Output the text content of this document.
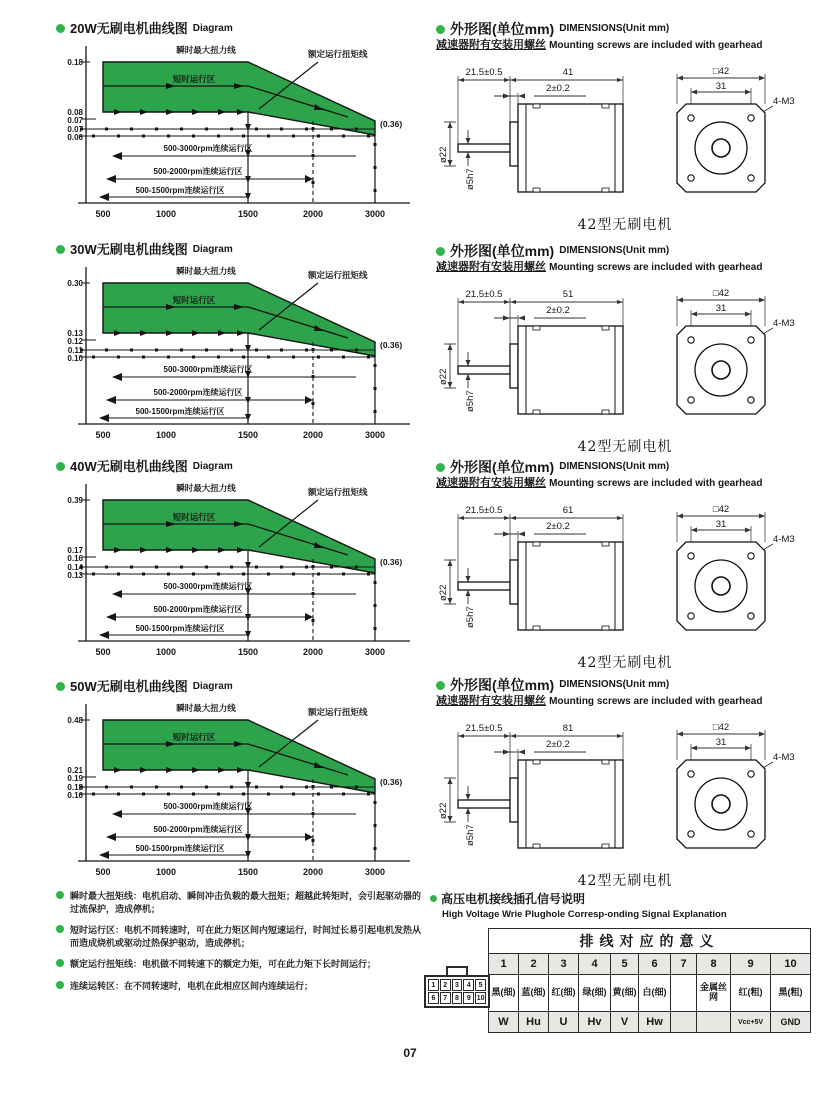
20W无刷电机曲线图 Diagram
瞬时最大扭力线	额定运行扭矩线
短时运行区
(0.36)
0.18
0.08
0.07
0.07
0.06
500-3000rpm连续运行区
500-2000rpm连续运行区
500-1500rpm连续运行区
500	1000	1500	2000	3000
30W无刷电机曲线图 Diagram
瞬时最大扭力线	额定运行扭矩线
短时运行区
(0.36)
0.30
0.13
0.12
0.11
0.10
500-3000rpm连续运行区
500-2000rpm连续运行区
500-1500rpm连续运行区
500	1000	1500	2000	3000
40W无刷电机曲线图 Diagram
瞬时最大扭力线	额定运行扭矩线
短时运行区
(0.36)
0.39
0.17
0.16
0.14
0.13
500-3000rpm连续运行区
500-2000rpm连续运行区
500-1500rpm连续运行区
500	1000	1500	2000	3000
50W无刷电机曲线图 Diagram
瞬时最大扭力线	额定运行扭矩线
短时运行区
(0.36)
0.48
0.21
0.19
0.18
0.16
500-3000rpm连续运行区
500-2000rpm连续运行区
500-1500rpm连续运行区
500	1000	1500	2000	3000
外形图(单位mm) DIMENSIONS(Unit mm)
减速器附有安装用螺丝 Mounting screws are included with gearhead
21.5±0.5	41
2±0.2
ø22
ø5h7
□42
31
4-M3
42型无刷电机
外形图(单位mm) DIMENSIONS(Unit mm)
减速器附有安装用螺丝 Mounting screws are included with gearhead
21.5±0.5	51
2±0.2
ø22
ø5h7
□42
31
4-M3
42型无刷电机
外形图(单位mm) DIMENSIONS(Unit mm)
减速器附有安装用螺丝 Mounting screws are included with gearhead
21.5±0.5	61
2±0.2
ø22
ø5h7
□42
31
4-M3
42型无刷电机
外形图(单位mm) DIMENSIONS(Unit mm)
减速器附有安装用螺丝 Mounting screws are included with gearhead
21.5±0.5	81
2±0.2
ø22
ø5h7
□42
31
4-M3
42型无刷电机

瞬时最大扭矩线：电机启动、瞬间冲击负载的最大扭矩；超越此转矩时，会引起驱动器的过流保护，造成停机；

短时运行区：电机不同转速时，可在此力矩区间内短速运行，时间过长易引起电机发热从而造成烧机或驱动过热保护驱动，造成停机；

额定运行扭矩线：电机做不同转速下的额定力矩，可在此力矩下长时间运行；

连续运转区：在不同转速时，电机在此相应区间内连续运行；

高压电机接线插孔信号说明
High Voltage Wrie Plughole Corresp-onding Signal Explanation
1	2	3	4	5
6	7	8	9 10
排线对应的意义									
1	2	3	4	5	6	7	8	9	10
黑(细)	蓝(细)	红(细)	绿(细)	黄(细)	白(细)		金属丝网	红(粗)	黑(粗)
W	Hu	U	Hv	V	Hw			Vcc+5V	GND
07
